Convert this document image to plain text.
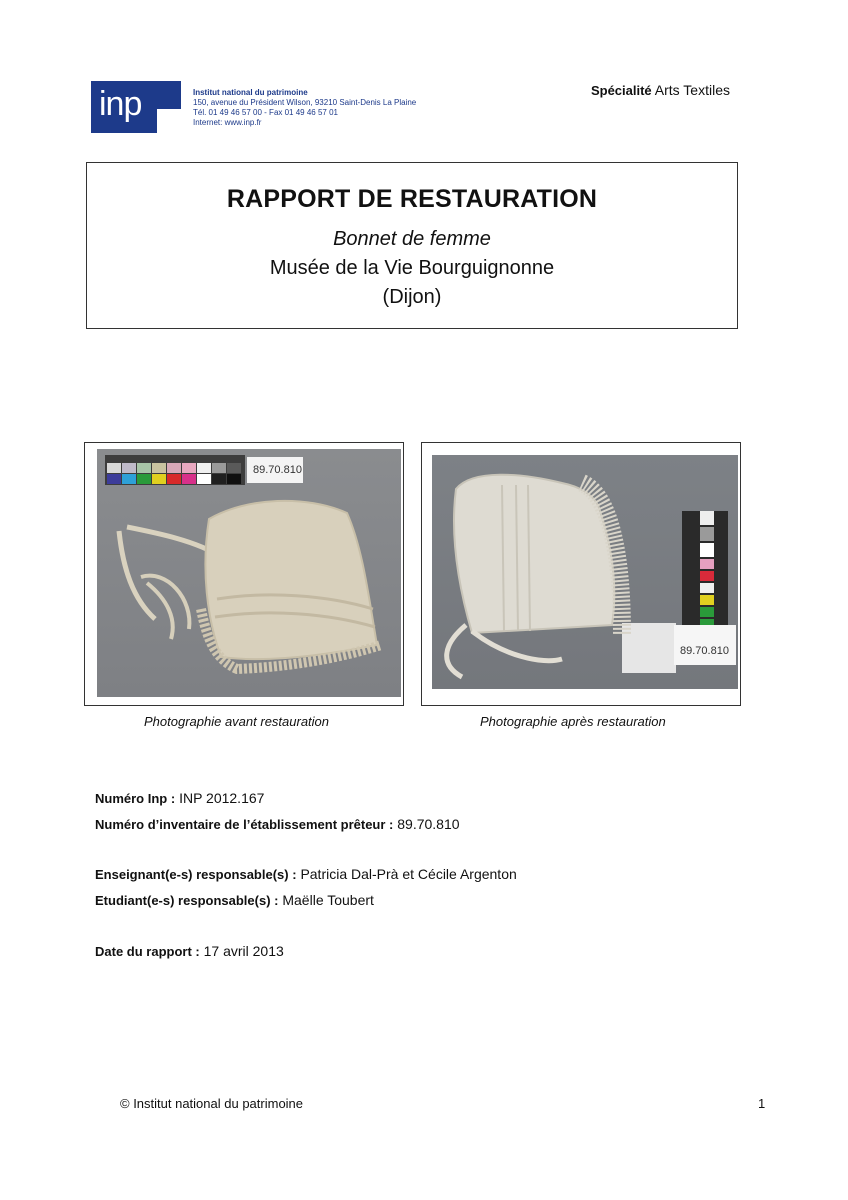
inp	Institut national du patrimoine
150, avenue du Président Wilson, 93210 Saint-Denis La Plaine
Tél. 01 49 46 57 00 - Fax 01 49 46 57 01
Internet: www.inp.fr
Spécialité Arts Textiles
RAPPORT DE RESTAURATION
Bonnet de femme
Musée de la Vie Bourguignonne
(Dijon)
89.70.810
Photographie avant restauration
89.70.810
Photographie après restauration
Numéro Inp : INP 2012.167
Numéro d’inventaire de l’établissement prêteur : 89.70.810
Enseignant(e-s) responsable(s) : Patricia Dal-Prà et Cécile Argenton
Etudiant(e-s) responsable(s) : Maëlle Toubert
Date du rapport : 17 avril 2013
© Institut national du patrimoine	1
